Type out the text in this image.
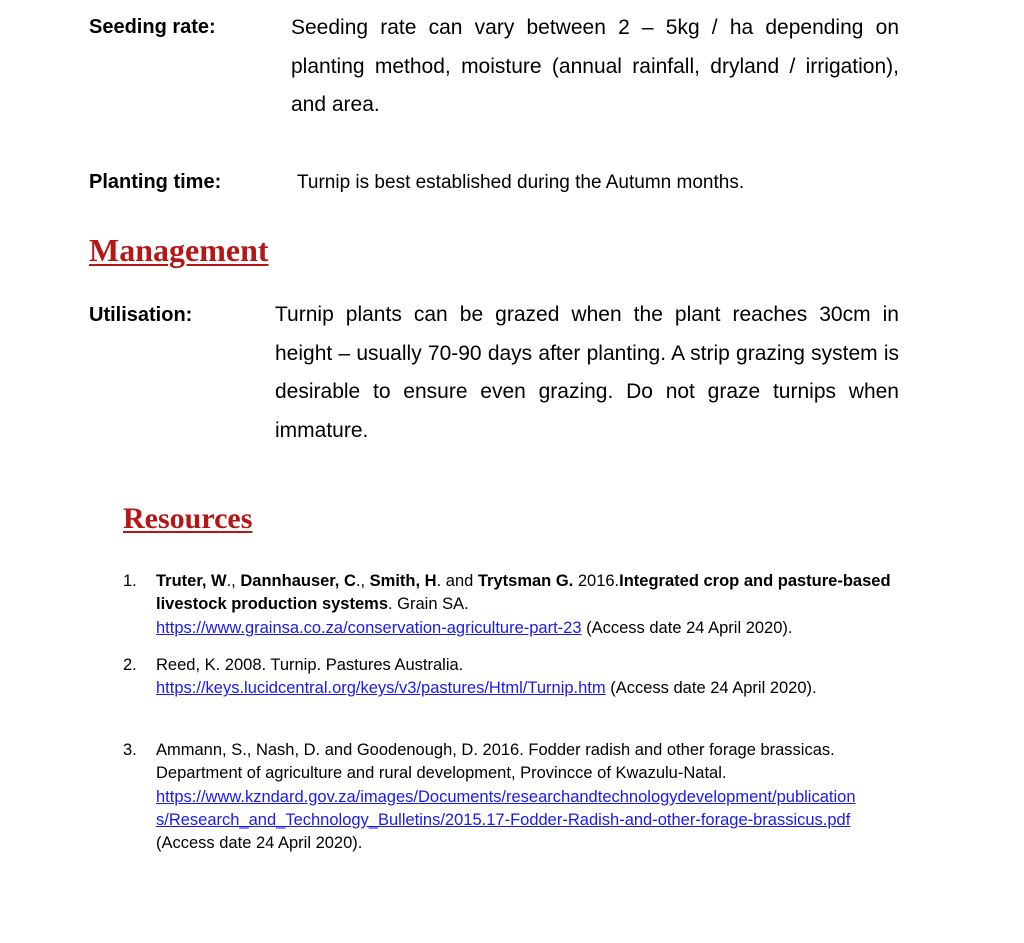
Seeding rate:	Seeding rate can vary between 2 – 5kg / ha depending on planting method, moisture (annual rainfall, dryland / irrigation), and area.
Planting time:	Turnip is best established during the Autumn months.
Management
Utilisation:	Turnip plants can be grazed when the plant reaches 30cm in height – usually 70-90 days after planting. A strip grazing system is desirable to ensure even grazing. Do not graze turnips when immature.
Resources
1. Truter, W., Dannhauser, C., Smith, H. and Trytsman G. 2016.Integrated crop and pasture-based livestock production systems. Grain SA.
https://www.grainsa.co.za/conservation-agriculture-part-23 (Access date 24 April 2020).
2. Reed, K. 2008. Turnip. Pastures Australia.
https://keys.lucidcentral.org/keys/v3/pastures/Html/Turnip.htm (Access date 24 April 2020).
3. Ammann, S., Nash, D. and Goodenough, D. 2016. Fodder radish and other forage brassicas. Department of agriculture and rural development, Provincce of Kwazulu-Natal.
https://www.kzndard.gov.za/images/Documents/researchandtechnologydevelopment/publications/Research_and_Technology_Bulletins/2015.17-Fodder-Radish-and-other-forage-brassicus.pdf (Access date 24 April 2020).
